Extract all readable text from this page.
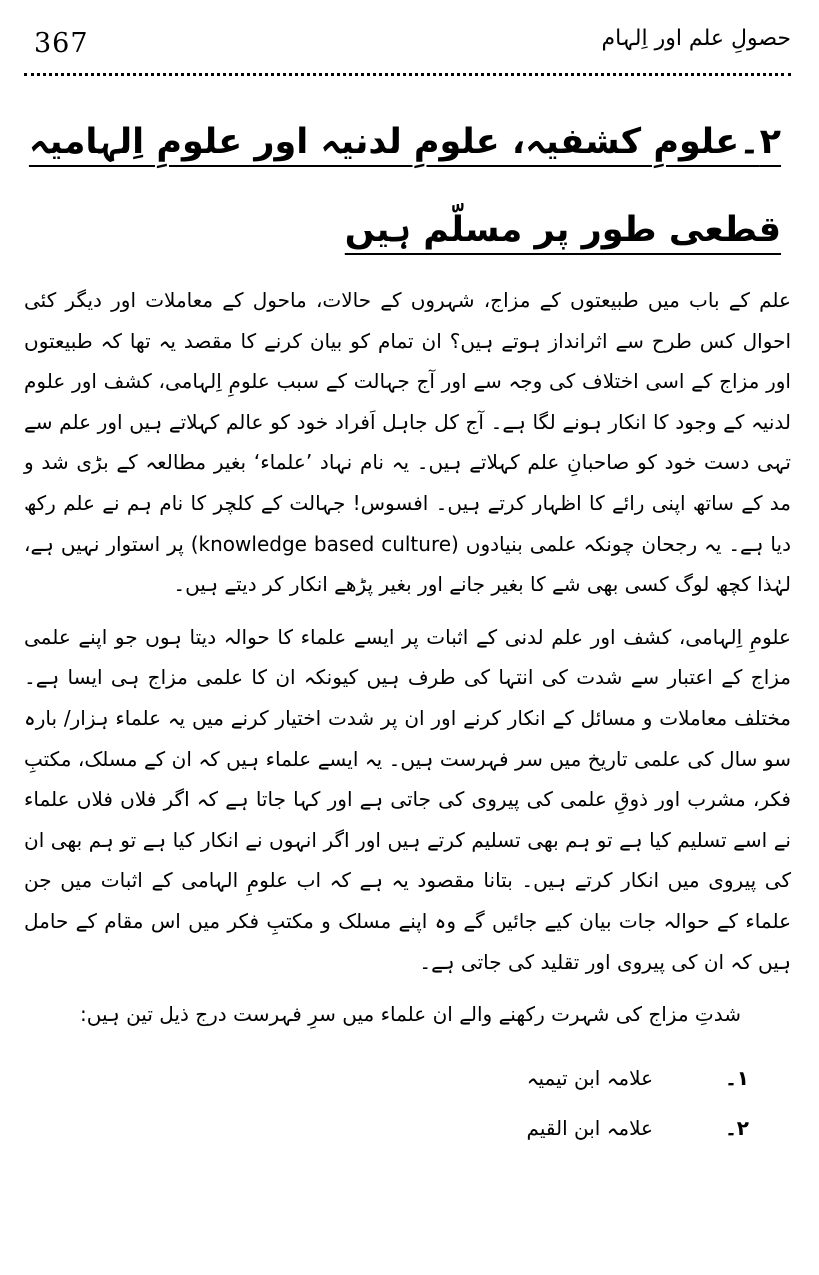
367	حصولِ علم اور اِلہام
۲۔علومِ کشفیہ، علومِ لدنیہ اور علومِ اِلہامیہ قطعی طور پر مسلّم ہیں

علم کے باب میں طبیعتوں کے مزاج، شہروں کے حالات، ماحول کے معاملات اور دیگر کئی احوال کس طرح سے اثرانداز ہوتے ہیں؟ ان تمام کو بیان کرنے کا مقصد یہ تھا کہ طبیعتوں اور مزاج کے اسی اختلاف کی وجہ سے اور آج جہالت کے سبب علومِ اِلہامی، کشف اور علوم لدنیہ کے وجود کا انکار ہونے لگا ہے۔ آج کل جاہل اَفراد خود کو عالم کہلاتے ہیں اور علم سے تہی دست خود کو صاحبانِ علم کہلاتے ہیں۔ یہ نام نہاد ’علماء‘ بغیر مطالعہ کے بڑی شد و مد کے ساتھ اپنی رائے کا اظہار کرتے ہیں۔ افسوس! جہالت کے کلچر کا نام ہم نے علم رکھ دیا ہے۔ یہ رجحان چونکہ علمی بنیادوں (knowledge based culture) پر استوار نہیں ہے، لہٰذا کچھ لوگ کسی بھی شے کا بغیر جانے اور بغیر پڑھے انکار کر دیتے ہیں۔

علومِ اِلہامی، کشف اور علم لدنی کے اثبات پر ایسے علماء کا حوالہ دیتا ہوں جو اپنے علمی مزاج کے اعتبار سے شدت کی انتہا کی طرف ہیں کیونکہ ان کا علمی مزاج ہی ایسا ہے۔ مختلف معاملات و مسائل کے انکار کرنے اور ان پر شدت اختیار کرنے میں یہ علماء ہزار/ بارہ سو سال کی علمی تاریخ میں سر فہرست ہیں۔ یہ ایسے علماء ہیں کہ ان کے مسلک، مکتبِ فکر، مشرب اور ذوقِ علمی کی پیروی کی جاتی ہے اور کہا جاتا ہے کہ اگر فلاں فلاں علماء نے اسے تسلیم کیا ہے تو ہم بھی تسلیم کرتے ہیں اور اگر انہوں نے انکار کیا ہے تو ہم بھی ان کی پیروی میں انکار کرتے ہیں۔ بتانا مقصود یہ ہے کہ اب علومِ الہامی کے اثبات میں جن علماء کے حوالہ جات بیان کیے جائیں گے وہ اپنے مسلک و مکتبِ فکر میں اس مقام کے حامل ہیں کہ ان کی پیروی اور تقلید کی جاتی ہے۔

شدتِ مزاج کی شہرت رکھنے والے ان علماء میں سرِ فہرست درج ذیل تین ہیں:

۱۔
علامہ ابن تیمیہ
۲۔
علامہ ابن القیم
